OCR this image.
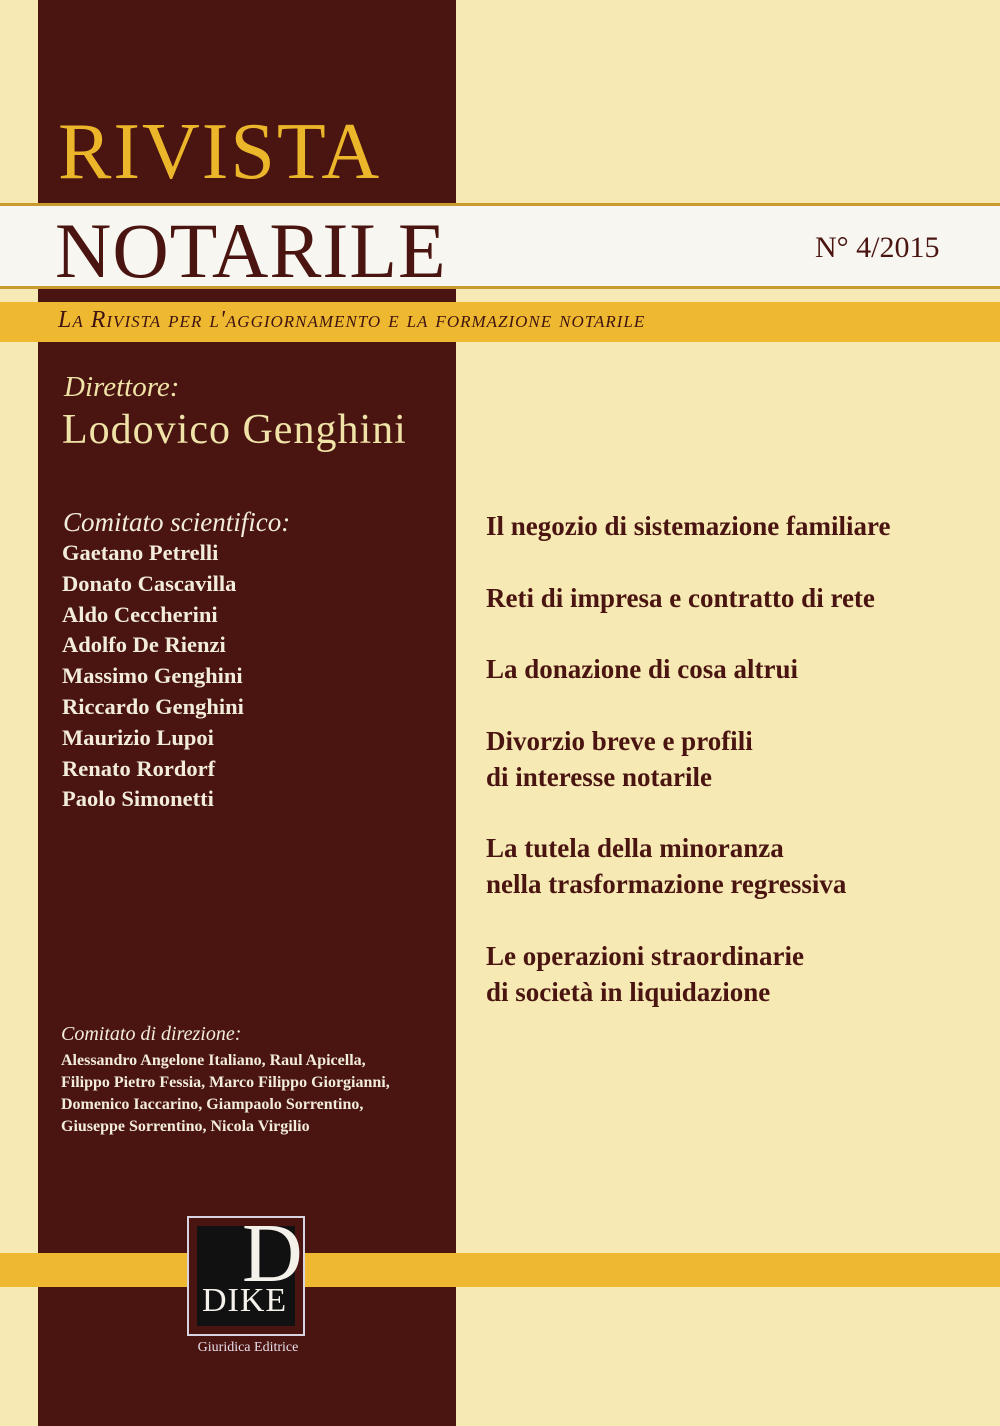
RIVISTA
NOTARILE	N° 4/2015
La Rivista per l'aggiornamento e la formazione notarile
Direttore:
Lodovico Genghini
Comitato scientifico:
Gaetano Petrelli
Donato Cascavilla
Aldo Ceccherini
Adolfo De Rienzi
Massimo Genghini
Riccardo Genghini
Maurizio Lupoi
Renato Rordorf
Paolo Simonetti
Comitato di direzione:
Alessandro Angelone Italiano, Raul Apicella,
Filippo Pietro Fessia, Marco Filippo Giorgianni,
Domenico Iaccarino, Giampaolo Sorrentino,
Giuseppe Sorrentino, Nicola Virgilio
Il negozio di sistemazione familiare
Reti di impresa e contratto di rete
La donazione di cosa altrui
Divorzio breve e profili
di interesse notarile
La tutela della minoranza
nella trasformazione regressiva
Le operazioni straordinarie
di società in liquidazione
D
DIKE
Giuridica Editrice
